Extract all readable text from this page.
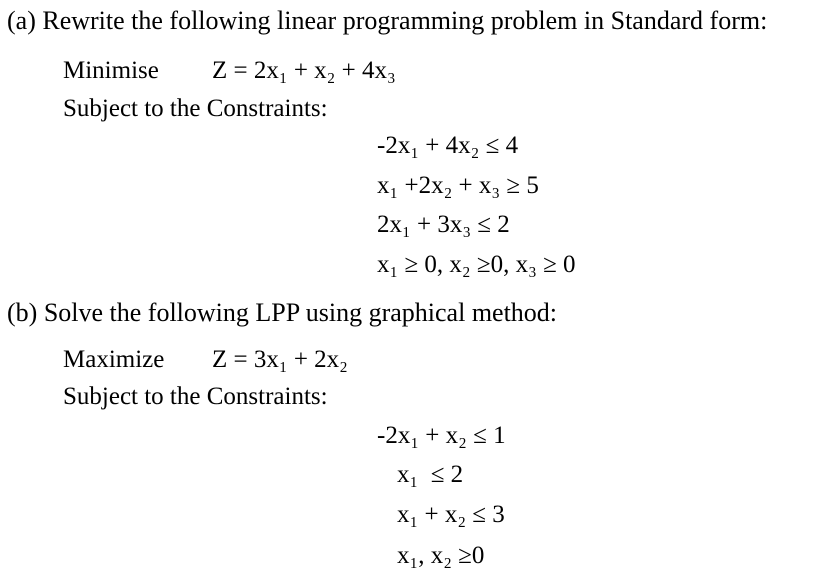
(a) Rewrite the following linear programming problem in Standard form:
Minimise Z = 2x₁ + x₂ + 4x₃
Subject to the Constraints:
-2x₁ + 4x₂ ≤ 4
x₁ +2x₂ + x₃ ≥ 5
2x₁ + 3x₃ ≤ 2
x₁ ≥ 0, x₂ ≥0, x₃ ≥ 0
(b) Solve the following LPP using graphical method:
Maximize Z = 3x₁ + 2x₂
Subject to the Constraints:
-2x₁ + x₂ ≤ 1
x₁  ≤ 2
x₁ + x₂ ≤ 3
x₁, x₂ ≥0
